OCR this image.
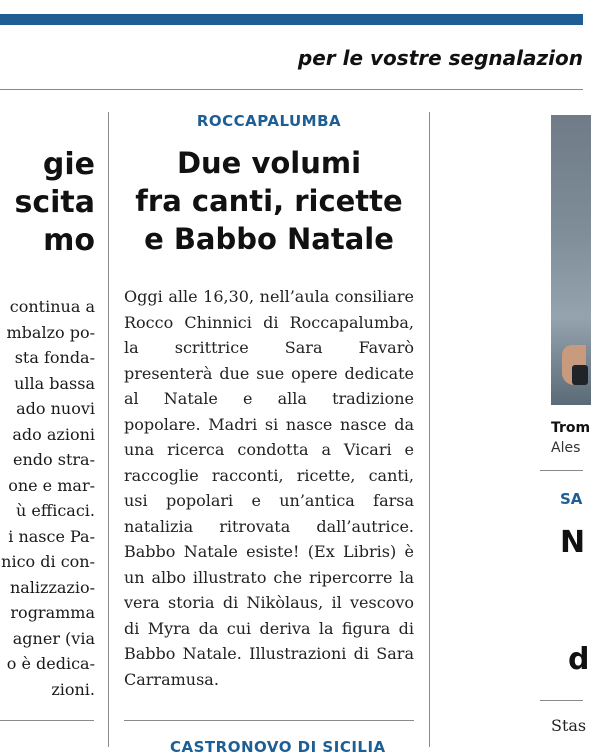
per le vostre segnalazion
gie
scita
mo
continua a
mbalzo po-
sta fonda-
ulla bassa
ado nuovi
ado azioni
endo stra-
one e mar-
ù efficaci.
i nasce Pa-
nico di con-
nalizzazio-
rogramma
agner (via
o è dedica-
zioni.
ROCCAPALUMBA
Due volumi
fra canti, ricette
e Babbo Natale
Oggi alle 16,30, nell’aula consiliare Rocco Chinnici di Roccapalumba, la scrittrice Sara Favarò presenterà due sue opere dedicate al Natale e alla tradizione popolare. Madri si nasce nasce da una ricerca condotta a Vicari e raccoglie racconti, ricette, canti, usi popolari e un’antica farsa natalizia ritrovata dall’autrice. Babbo Natale esiste! (Ex Libris) è un albo illustrato che ripercorre la vera storia di Nikòlaus, il vescovo di Myra da cui deriva la figura di Babbo Natale. Illustrazioni di Sara Carramusa.
CASTRONOVO DI SICILIA
Trom
Ales
SA
N
d
Stas
